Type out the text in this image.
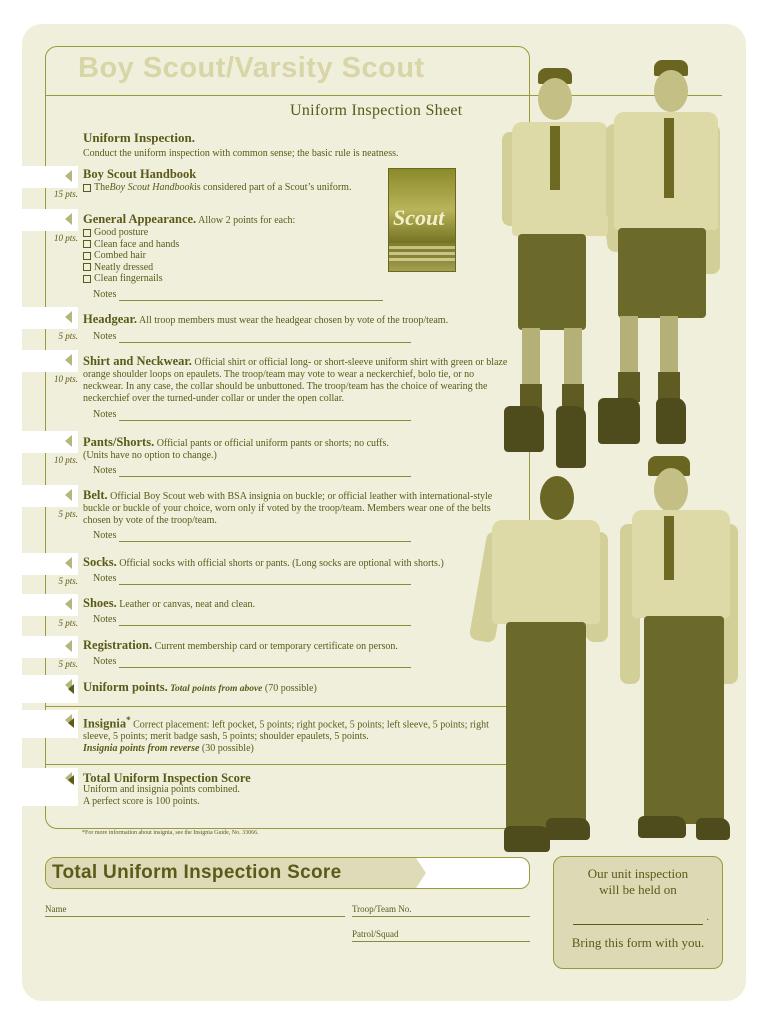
Boy Scout/Varsity Scout
Uniform Inspection Sheet
Uniform Inspection.
Conduct the uniform inspection with common sense; the basic rule is neatness.
15 pts.
Boy Scout Handbook
The Boy Scout Handbook is considered part of a Scout’s uniform.
Scout
10 pts.
General Appearance. Allow 2 points for each:
Good posture
Clean face and hands
Combed hair
Neatly dressed
Clean fingernails
Notes
5 pts.
Headgear. All troop members must wear the headgear chosen by vote of the troop/team.
Notes
10 pts.
Shirt and Neckwear. Official shirt or official long- or short-sleeve uniform shirt with green or blaze orange shoulder loops on epaulets. The troop/team may vote to wear a neckerchief, bolo tie, or no neckwear. In any case, the collar should be unbuttoned. The troop/team has the choice of wearing the neckerchief over the turned-under collar or under the open collar.
Notes
10 pts.
Pants/Shorts. Official pants or official uniform pants or shorts; no cuffs.
(Units have no option to change.)
Notes
5 pts.
Belt. Official Boy Scout web with BSA insignia on buckle; or official leather with international-style buckle or buckle of your choice, worn only if voted by the troop/team. Members wear one of the belts chosen by vote of the troop/team.
Notes
5 pts.
Socks. Official socks with official shorts or pants. (Long socks are optional with shorts.)
Notes
5 pts.
Shoes. Leather or canvas, neat and clean.
Notes
5 pts.
Registration. Current membership card or temporary certificate on person.
Notes
Uniform points. Total points from above (70 possible)
Insignia* Correct placement: left pocket, 5 points; right pocket, 5 points; left sleeve, 5 points; right sleeve, 5 points; merit badge sash, 5 points; shoulder epaulets, 5 points.
Insignia points from reverse (30 possible)
Total Uniform Inspection Score
Uniform and insignia points combined.
A perfect score is 100 points.
*For more information about insignia, see the Insignia Guide, No. 33066.
Total Uniform Inspection Score
Name	Troop/Team No.
Patrol/Squad
Our unit inspection
will be held on
.
Bring this form with you.
